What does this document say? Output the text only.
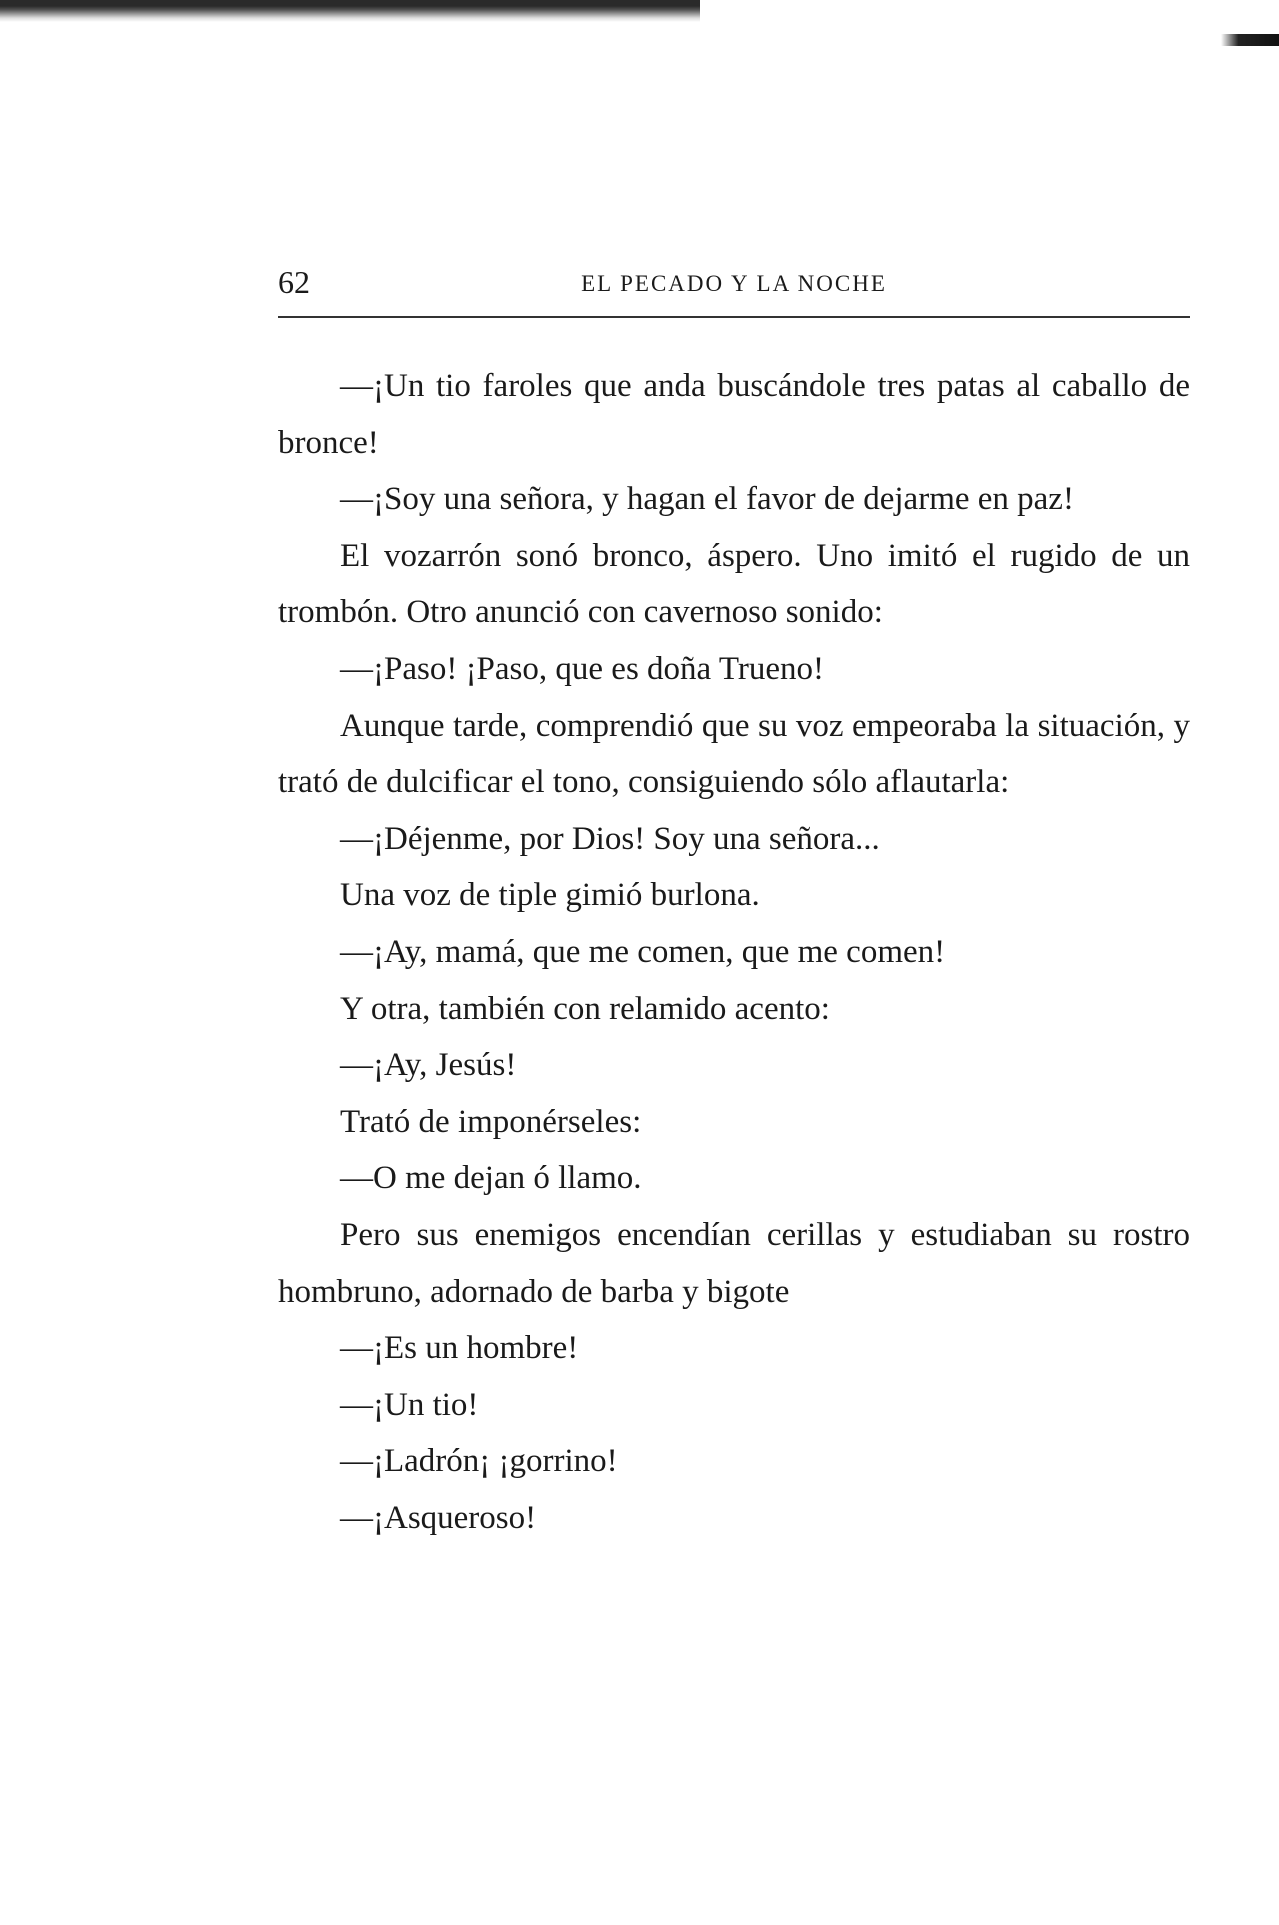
62	EL PECADO Y LA NOCHE

—¡Un tio faroles que anda buscándole tres patas al caballo de bronce!

—¡Soy una señora, y hagan el favor de dejarme en paz!

El vozarrón sonó bronco, áspero. Uno imitó el rugido de un trombón. Otro anunció con cavernoso sonido:

—¡Paso! ¡Paso, que es doña Trueno!

Aunque tarde, comprendió que su voz empeoraba la situación, y trató de dulcificar el tono, consiguiendo sólo aflautarla:

—¡Déjenme, por Dios! Soy una señora...

Una voz de tiple gimió burlona.

—¡Ay, mamá, que me comen, que me comen!

Y otra, también con relamido acento:

—¡Ay, Jesús!

Trató de imponérseles:

—O me dejan ó llamo.

Pero sus enemigos encendían cerillas y estudiaban su rostro hombruno, adornado de barba y bigote

—¡Es un hombre!

—¡Un tio!

—¡Ladrón¡ ¡gorrino!

—¡Asqueroso!
